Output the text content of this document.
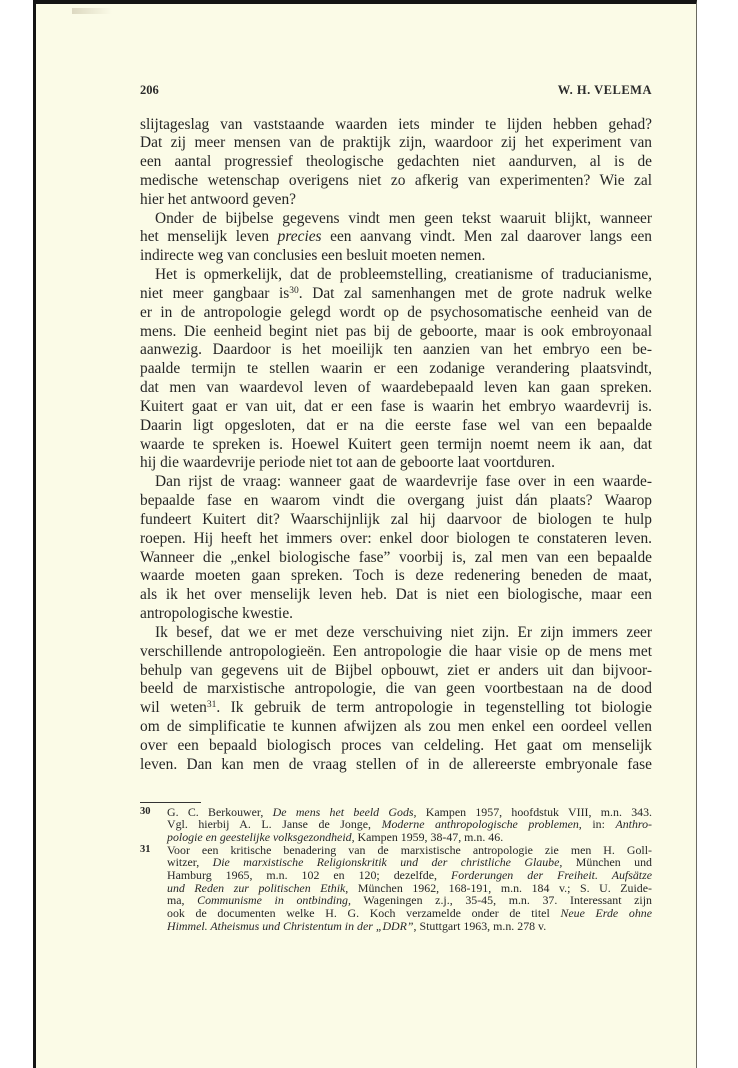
206	W. H. VELEMA
slijtageslag van vaststaande waarden iets minder te lijden hebben gehad?
Dat zij meer mensen van de praktijk zijn, waardoor zij het experiment van
een aantal progressief theologische gedachten niet aandurven, al is de
medische wetenschap overigens niet zo afkerig van experimenten? Wie zal
hier het antwoord geven?
Onder de bijbelse gegevens vindt men geen tekst waaruit blijkt, wanneer
het menselijk leven precies een aanvang vindt. Men zal daarover langs een
indirecte weg van conclusies een besluit moeten nemen.
Het is opmerkelijk, dat de probleemstelling, creatianisme of traducianisme,
niet meer gangbaar $is^{30}$. Dat zal samenhangen met de grote nadruk welke
er in de antropologie gelegd wordt op de psychosomatische eenheid van de
mens. Die eenheid begint niet pas bij de geboorte, maar is ook embroyonaal
aanwezig. Daardoor is het moeilijk ten aanzien van het embryo een be-
paalde termijn te stellen waarin er een zodanige verandering plaatsvindt,
dat men van waardevol leven of waardebepaald leven kan gaan spreken.
Kuitert gaat er van uit, dat er een fase is waarin het embryo waardevrij is.
Daarin ligt opgesloten, dat er na die eerste fase wel van een bepaalde
waarde te spreken is. Hoewel Kuitert geen termijn noemt neem ik aan, dat
hij die waardevrije periode niet tot aan de geboorte laat voortduren.
Dan rijst de vraag: wanneer gaat de waardevrije fase over in een waarde-
bepaalde fase en waarom vindt die overgang juist dán plaats? Waarop
fundeert Kuitert dit? Waarschijnlijk zal hij daarvoor de biologen te hulp
roepen. Hij heeft het immers over: enkel door biologen te constateren leven.
Wanneer die „enkel biologische fase” voorbij is, zal men van een bepaalde
waarde moeten gaan spreken. Toch is deze redenering beneden de maat,
als ik het over menselijk leven heb. Dat is niet een biologische, maar een
antropologische kwestie.
Ik besef, dat we er met deze verschuiving niet zijn. Er zijn immers zeer
verschillende antropologieën. Een antropologie die haar visie op de mens met
behulp van gegevens uit de Bijbel opbouwt, ziet er anders uit dan bijvoor-
beeld de marxistische antropologie, die van geen voortbestaan na de dood
wil weten$^{31}$. Ik gebruik de term antropologie in tegenstelling tot biologie
om de simplificatie te kunnen afwijzen als zou men enkel een oordeel vellen
over een bepaald biologisch proces van celdeling. Het gaat om menselijk
leven. Dan kan men de vraag stellen of in de allereerste embryonale fase
30 G. C. Berkouwer, De mens het beeld Gods, Kampen 1957, hoofdstuk VIII, m.n. 343.
Vgl. hierbij A. L. Janse de Jonge, Moderne anthropologische problemen, in: Anthro-
pologie en geestelijke volksgezondheid, Kampen 1959, 38-47, m.n. 46.
31 Voor een kritische benadering van de marxistische antropologie zie men H. Goll-
witzer, Die marxistische Religionskritik und der christliche Glaube, München und
Hamburg 1965, m.n. 102 en 120; dezelfde, Forderungen der Freiheit. Aufsätze
und Reden zur politischen Ethik, München 1962, 168-191, m.n. 184 v.; S. U. Zuide-
ma, Communisme in ontbinding, Wageningen z.j., 35-45, m.n. 37. Interessant zijn
ook de documenten welke H. G. Koch verzamelde onder de titel Neue Erde ohne
Himmel. Atheismus und Christentum in der „DDR”, Stuttgart 1963, m.n. 278 v.
